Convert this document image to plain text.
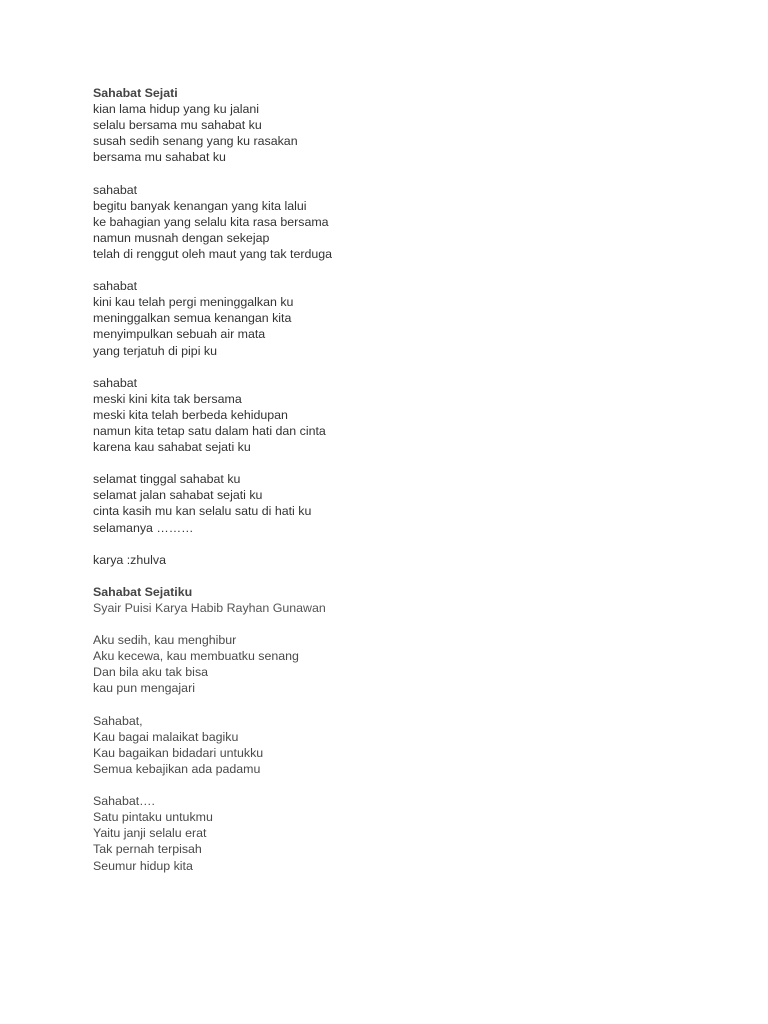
Sahabat Sejati

kian lama hidup yang ku jalani

selalu bersama mu sahabat ku

susah sedih senang yang ku rasakan

bersama mu sahabat ku

sahabat

begitu banyak kenangan yang kita lalui

ke bahagian yang selalu kita rasa bersama

namun musnah dengan sekejap

telah di renggut oleh maut yang tak terduga

sahabat

kini kau telah pergi meninggalkan ku

meninggalkan semua kenangan kita

menyimpulkan sebuah air mata

yang terjatuh di pipi ku

sahabat

meski kini kita tak bersama

meski kita telah berbeda kehidupan

namun kita tetap satu dalam hati dan cinta

karena kau sahabat sejati ku

selamat tinggal sahabat ku

selamat jalan sahabat sejati ku

cinta kasih mu kan selalu satu di hati ku

selamanya ………

karya :zhulva

Sahabat Sejatiku

Syair Puisi Karya Habib Rayhan Gunawan

Aku sedih, kau menghibur

Aku kecewa, kau membuatku senang

Dan bila aku tak bisa

kau pun mengajari

Sahabat,

Kau bagai malaikat bagiku

Kau bagaikan bidadari untukku

Semua kebajikan ada padamu

Sahabat….

Satu pintaku untukmu

Yaitu janji selalu erat

Tak pernah terpisah

Seumur hidup kita
